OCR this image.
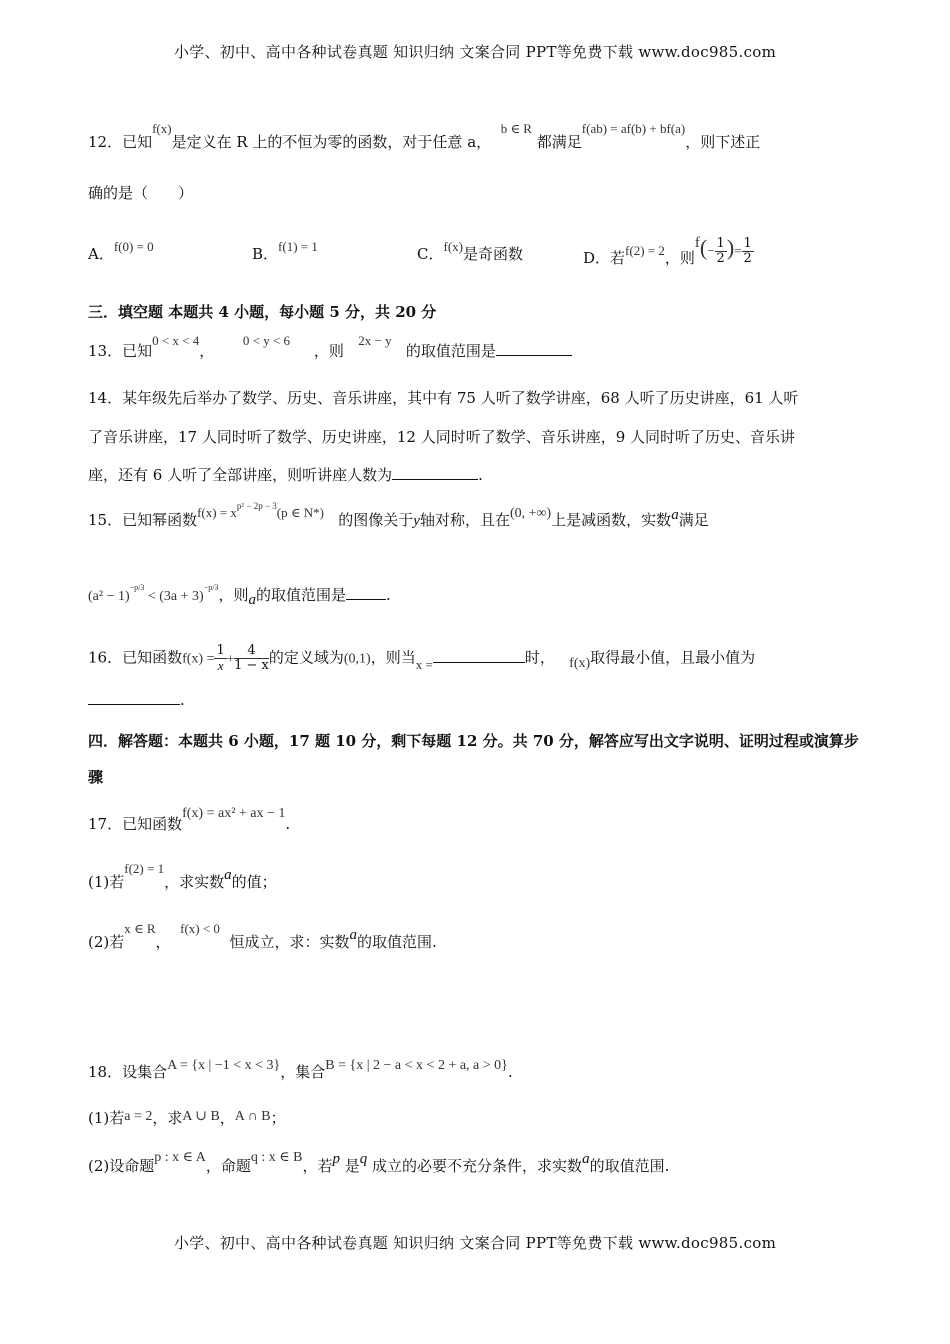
小学、初中、高中各种试卷真题 知识归纳 文案合同 PPT等免费下载 www.doc985.com
12．已知f(x)是定义在 R 上的不恒为零的函数，对于任意 a，  b ∈ R 都满足f(ab) = af(b) + bf(a)，则下述正
确的是（　　）
A．f(0) = 0	B．f(1) = 1	C．f(x)是奇函数	D．若f(2) = 2，则$f(- \frac{1}{2}$ )= $\frac{1}{2}$
三．填空题 本题共 4 小题，每小题 5 分，共 20 分
13．已知0 < x < 4，      0 < y < 6     ，则   2x − y   的取值范围是
14．某年级先后举办了数学、历史、音乐讲座，其中有 75 人听了数学讲座，68 人听了历史讲座，61 人听
了音乐讲座，17 人同时听了数学、历史讲座，12 人同时听了数学、音乐讲座，9 人同时听了历史、音乐讲
座，还有 6 人听了全部讲座，则听讲座人数为	.
15．已知幂函数$f(x) = x^{p^2 - 2p - 3}(p$ ∈ N*) 的图像关于y轴对称，且在(0, +∞)上是减函数，实数a满足
$(a^2 - 1)^{-p/3} < (3a + 3)^{-p/3}$，则a的取值范围是	.
16．已知函数$f(x) = \frac{1}{x} + \frac{4}{1 - x}$ 的定义域为(0,1)，则当x =	时， f(x)取得最小值，且最小值为
.
四．解答题：本题共 6 小题，17 题 10 分，剩下每题 12 分。共 70 分，解答应写出文字说明、证明过程或演算步
骤
17．已知函数f(x) = ax² + ax − 1.
(1)若f(2) = 1，求实数a的值；
(2)若x ∈ R，  f(x) < 0  恒成立，求：实数a的取值范围.
18．设集合A = {x | −1 < x < 3}，集合B = {x | 2 − a < x < 2 + a, a > 0}.
(1)若a = 2，求A ∪ B，A ∩ B；
(2)设命题p : x ∈ A，命题q : x ∈ B，若p 是q 成立的必要不充分条件，求实数a的取值范围.
小学、初中、高中各种试卷真题 知识归纳 文案合同 PPT等免费下载 www.doc985.com
